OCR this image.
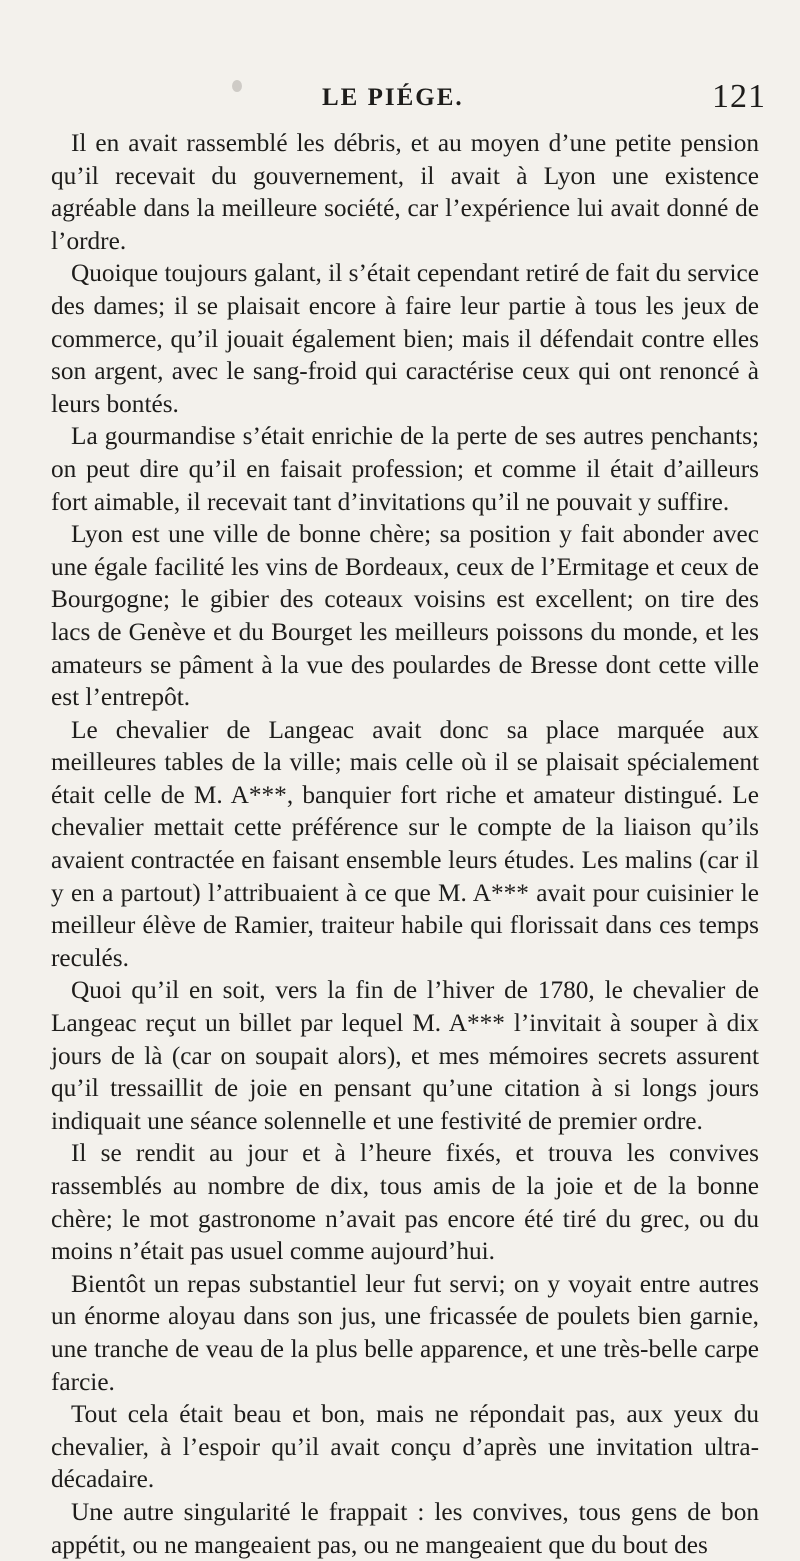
LE PIÉGE.	121

Il en avait rassemblé les débris, et au moyen d’une petite pension qu’il recevait du gouvernement, il avait à Lyon une existence agréable dans la meilleure société, car l’expérience lui avait donné de l’ordre.

Quoique toujours galant, il s’était cependant retiré de fait du service des dames; il se plaisait encore à faire leur partie à tous les jeux de commerce, qu’il jouait également bien; mais il défendait contre elles son argent, avec le sang-froid qui caractérise ceux qui ont renoncé à leurs bontés.

La gourmandise s’était enrichie de la perte de ses autres penchants; on peut dire qu’il en faisait profession; et comme il était d’ailleurs fort aimable, il recevait tant d’invitations qu’il ne pouvait y suffire.

Lyon est une ville de bonne chère; sa position y fait abonder avec une égale facilité les vins de Bordeaux, ceux de l’Ermitage et ceux de Bourgogne; le gibier des coteaux voisins est excellent; on tire des lacs de Genève et du Bourget les meilleurs poissons du monde, et les amateurs se pâment à la vue des poulardes de Bresse dont cette ville est l’entrepôt.

Le chevalier de Langeac avait donc sa place marquée aux meilleures tables de la ville; mais celle où il se plaisait spécialement était celle de M. A***, banquier fort riche et amateur distingué. Le chevalier mettait cette préférence sur le compte de la liaison qu’ils avaient contractée en faisant ensemble leurs études. Les malins (car il y en a partout) l’attribuaient à ce que M. A*** avait pour cuisinier le meilleur élève de Ramier, traiteur habile qui florissait dans ces temps reculés.

Quoi qu’il en soit, vers la fin de l’hiver de 1780, le chevalier de Langeac reçut un billet par lequel M. A*** l’invitait à souper à dix jours de là (car on soupait alors), et mes mémoires secrets assurent qu’il tressaillit de joie en pensant qu’une citation à si longs jours indiquait une séance solennelle et une festivité de premier ordre.

Il se rendit au jour et à l’heure fixés, et trouva les convives rassemblés au nombre de dix, tous amis de la joie et de la bonne chère; le mot gastronome n’avait pas encore été tiré du grec, ou du moins n’était pas usuel comme aujourd’hui.

Bientôt un repas substantiel leur fut servi; on y voyait entre autres un énorme aloyau dans son jus, une fricassée de poulets bien garnie, une tranche de veau de la plus belle apparence, et une très-belle carpe farcie.

Tout cela était beau et bon, mais ne répondait pas, aux yeux du chevalier, à l’espoir qu’il avait conçu d’après une invitation ultra-décadaire.

Une autre singularité le frappait : les convives, tous gens de bon appétit, ou ne mangeaient pas, ou ne mangeaient que du bout des
